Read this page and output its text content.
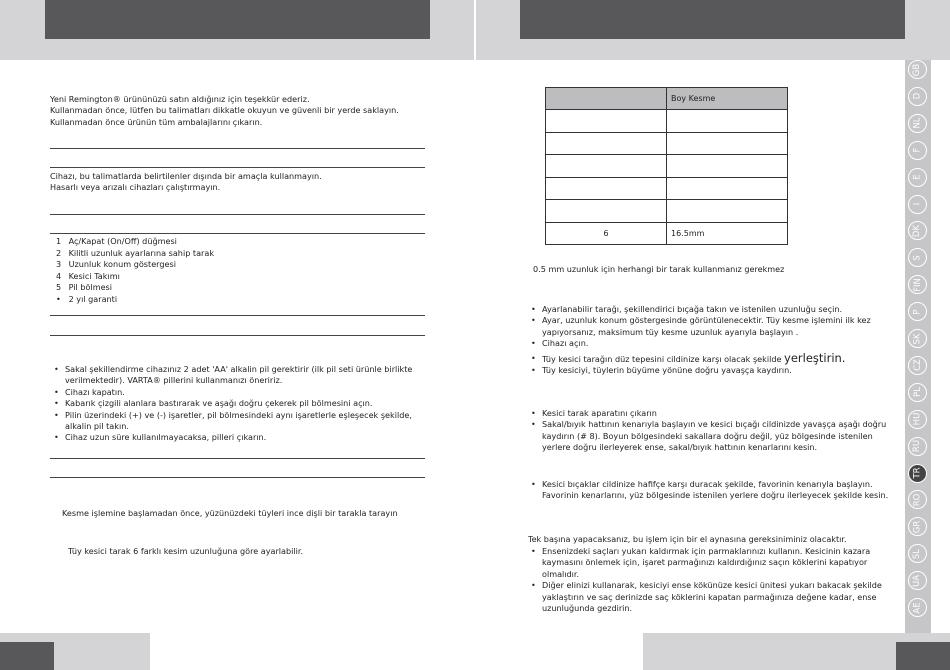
GB
D
NL
F
E
I
DK
S
FIN
P
SK
CZ
PL
HU
RU
TR
RO
GR
SL
UA
AE
Yeni Remington® ürününüzü satın aldığınız için teşekkür ederiz.
Kullanmadan önce, lütfen bu talimatları dikkatle okuyun ve güvenli bir yerde saklayın.
Kullanmadan önce ürünün tüm ambalajlarını çıkarın.
Cihazı, bu talimatlarda belirtilenler dışında bir amaçla kullanmayın.
Hasarlı veya arızalı cihazları çalıştırmayın.
1 Aç/Kapat (On/Off) düğmesi
2 Kilitli uzunluk ayarlarına sahip tarak
3 Uzunluk konum göstergesi
4 Kesici Takımı
5 Pil bölmesi
• 2 yıl garanti
• Sakal şekillendirme cihazınız 2 adet 'AA' alkalin pil gerektirir (ilk pil seti ürünle birlikte verilmektedir). VARTA® pillerini kullanmanızı öneririz.
• Cihazı kapatın.
• Kabarık çizgili alanlara bastırarak ve aşağı doğru çekerek pil bölmesini açın.
• Pilin üzerindeki (+) ve (-) işaretler, pil bölmesindeki aynı işaretlerle eşleşecek şekilde, alkalin pil takın.
• Cihaz uzun süre kullanılmayacaksa, pilleri çıkarın.
Kesme işlemine başlamadan önce, yüzünüzdeki tüyleri ince dişli bir tarakla tarayın
Tüy kesici tarak 6 farklı kesim uzunluğuna göre ayarlabilir.
	Boy Kesme

6	16.5mm
0.5 mm uzunluk için herhangi bir tarak kullanmanız gerekmez
• Ayarlanabilir tarağı, şekillendirici bıçağa takın ve istenilen uzunluğu seçin.
• Ayar, uzunluk konum göstergesinde görüntülenecektir. Tüy kesme işlemini ilk kez yapıyorsanız, maksimum tüy kesme uzunluk ayarıyla başlayın .
• Cihazı açın.
• Tüy kesici tarağın düz tepesini cildinize karşı olacak şekilde yerleştirin.
• Tüy kesiciyi, tüylerin büyüme yönüne doğru yavaşça kaydırın.
• Kesici tarak aparatını çıkarın
• Sakal/bıyık hattının kenarıyla başlayın ve kesici bıçağı cildinizde yavaşça aşağı doğru kaydırın (# 8). Boyun bölgesindeki sakallara doğru değil, yüz bölgesinde istenilen yerlere doğru ilerleyerek ense, sakal/bıyık hattının kenarlarını kesin.
• Kesici bıçaklar cildinize hafifçe karşı duracak şekilde, favorinin kenarıyla başlayın. Favorinin kenarlarını, yüz bölgesinde istenilen yerlere doğru ilerleyecek şekilde kesin.
Tek başına yapacaksanız, bu işlem için bir el aynasına gereksiniminiz olacaktır.
• Ensenizdeki saçları yukarı kaldırmak için parmaklarınızı kullanın. Kesicinin kazara kaymasını önlemek için, işaret parmağınızı kaldırdığınız saçın köklerini kapatıyor olmalıdır.
• Diğer elinizi kullanarak, kesiciyi ense kökünüze kesici ünitesi yukarı bakacak şekilde yaklaştırın ve saç derinizde saç köklerini kapatan parmağınıza değene kadar, ense uzunluğunda gezdirin.
